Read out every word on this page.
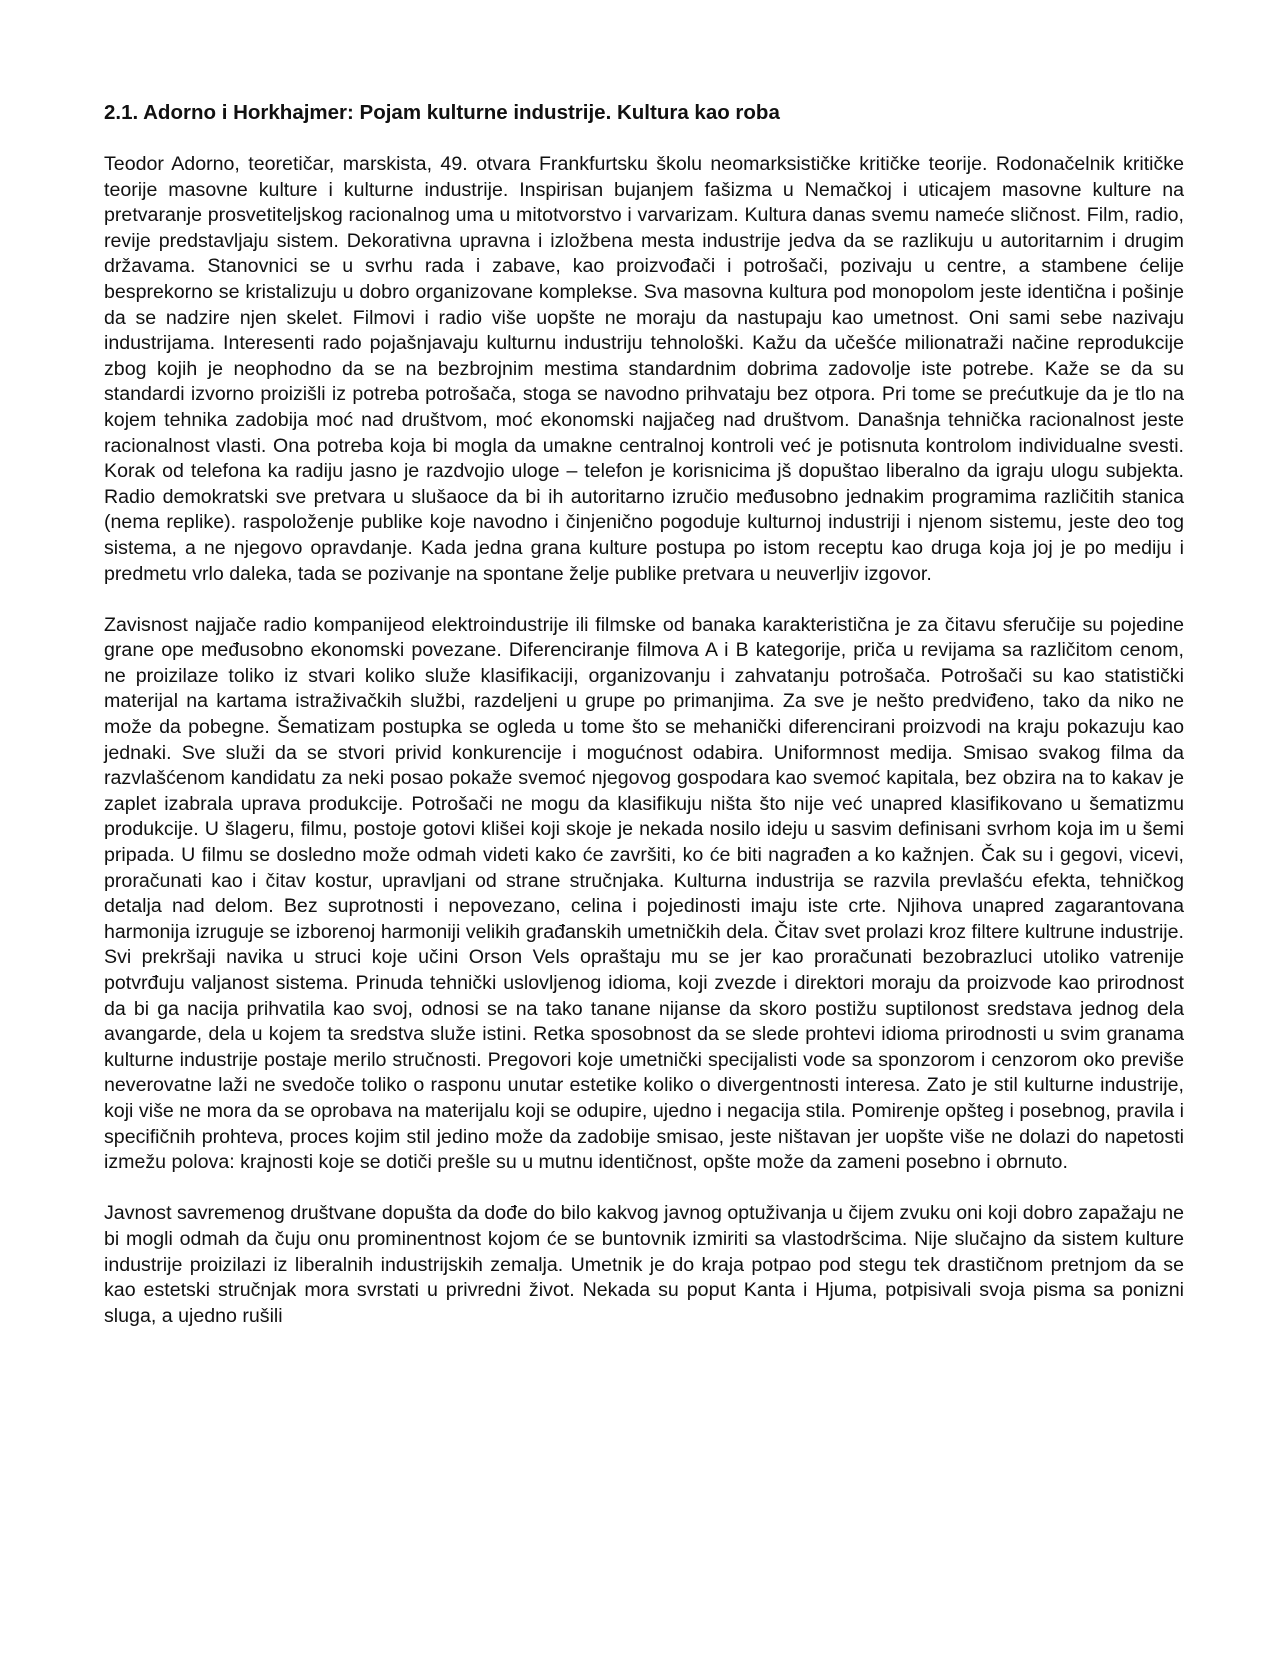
2.1. Adorno i Horkhajmer: Pojam kulturne industrije. Kultura kao roba

Teodor Adorno, teoretičar, marskista, 49. otvara Frankfurtsku školu neomarksističke kritičke teorije. Rodonačelnik kritičke teorije masovne kulture i kulturne industrije. Inspirisan bujanjem fašizma u Nemačkoj i uticajem masovne kulture na pretvaranje prosvetiteljskog racionalnog uma u mitotvorstvo i varvarizam. Kultura danas svemu nameće sličnost. Film, radio, revije predstavljaju sistem. Dekorativna upravna i izložbena mesta industrije jedva da se razlikuju u autoritarnim i drugim državama. Stanovnici se u svrhu rada i zabave, kao proizvođači i potrošači, pozivaju u centre, a stambene ćelije besprekorno se kristalizuju u dobro organizovane komplekse. Sva masovna kultura pod monopolom jeste identična i pošinje da se nadzire njen skelet. Filmovi i radio više uopšte ne moraju da nastupaju kao umetnost. Oni sami sebe nazivaju industrijama. Interesenti rado pojašnjavaju kulturnu industriju tehnološki. Kažu da učešće milionatraži načine reprodukcije zbog kojih je neophodno da se na bezbrojnim mestima standardnim dobrima zadovolje iste potrebe. Kaže se da su standardi izvorno proizišli iz potreba potrošača, stoga se navodno prihvataju bez otpora. Pri tome se prećutkuje da je tlo na kojem tehnika zadobija moć nad društvom, moć ekonomski najjačeg nad društvom. Današnja tehnička racionalnost jeste racionalnost vlasti. Ona potreba koja bi mogla da umakne centralnoj kontroli već je potisnuta kontrolom individualne svesti. Korak od telefona ka radiju jasno je razdvojio uloge – telefon je korisnicima jš dopuštao liberalno da igraju ulogu subjekta. Radio demokratski sve pretvara u slušaoce da bi ih autoritarno izručio međusobno jednakim programima različitih stanica (nema replike). raspoloženje publike koje navodno i činjenično pogoduje kulturnoj industriji i njenom sistemu, jeste deo tog sistema, a ne njegovo opravdanje. Kada jedna grana kulture postupa po istom receptu kao druga koja joj je po mediju i predmetu vrlo daleka, tada se pozivanje na spontane želje publike pretvara u neuverljiv izgovor.

Zavisnost najjače radio kompanijeod elektroindustrije ili filmske od banaka karakteristična je za čitavu sferučije su pojedine grane ope međusobno ekonomski povezane. Diferenciranje filmova A i B kategorije, priča u revijama sa različitom cenom, ne proizilaze toliko iz stvari koliko služe klasifikaciji, organizovanju i zahvatanju potrošača. Potrošači su kao statistički materijal na kartama istraživačkih službi, razdeljeni u grupe po primanjima. Za sve je nešto predviđeno, tako da niko ne može da pobegne. Šematizam postupka se ogleda u tome što se mehanički diferencirani proizvodi na kraju pokazuju kao jednaki. Sve služi da se stvori privid konkurencije i mogućnost odabira. Uniformnost medija. Smisao svakog filma da razvlašćenom kandidatu za neki posao pokaže svemoć njegovog gospodara kao svemoć kapitala, bez obzira na to kakav je zaplet izabrala uprava produkcije. Potrošači ne mogu da klasifikuju ništa što nije već unapred klasifikovano u šematizmu produkcije. U šlageru, filmu, postoje gotovi klišei koji skoje je nekada nosilo ideju u sasvim definisani svrhom koja im u šemi pripada. U filmu se dosledno može odmah videti kako će završiti, ko će biti nagrađen a ko kažnjen. Čak su i gegovi, vicevi, proračunati kao i čitav kostur, upravljani od strane stručnjaka. Kulturna industrija se razvila prevlašću efekta, tehničkog detalja nad delom. Bez suprotnosti i nepovezano, celina i pojedinosti imaju iste crte. Njihova unapred zagarantovana harmonija izruguje se izborenoj harmoniji velikih građanskih umetničkih dela. Čitav svet prolazi kroz filtere kultrune industrije. Svi prekršaji navika u struci koje učini Orson Vels opraštaju mu se jer kao proračunati bezobrazluci utoliko vatrenije potvrđuju valjanost sistema. Prinuda tehnički uslovljenog idioma, koji zvezde i direktori moraju da proizvode kao prirodnost da bi ga nacija prihvatila kao svoj, odnosi se na tako tanane nijanse da skoro postižu suptilonost sredstava jednog dela avangarde, dela u kojem ta sredstva služe istini. Retka sposobnost da se slede prohtevi idioma prirodnosti u svim granama kulturne industrije postaje merilo stručnosti. Pregovori koje umetnički specijalisti vode sa sponzorom i cenzorom oko previše neverovatne laži ne svedoče toliko o rasponu unutar estetike koliko o divergentnosti interesa. Zato je stil kulturne industrije, koji više ne mora da se oprobava na materijalu koji se odupire, ujedno i negacija stila. Pomirenje opšteg i posebnog, pravila i specifičnih prohteva, proces kojim stil jedino može da zadobije smisao, jeste ništavan jer uopšte više ne dolazi do napetosti izmežu polova: krajnosti koje se dotiči prešle su u mutnu identičnost, opšte može da zameni posebno i obrnuto.

Javnost savremenog društvane dopušta da dođe do bilo kakvog javnog optuživanja u čijem zvuku oni koji dobro zapažaju ne bi mogli odmah da čuju onu prominentnost kojom će se buntovnik izmiriti sa vlastodršcima. Nije slučajno da sistem kulture industrije proizilazi iz liberalnih industrijskih zemalja. Umetnik je do kraja potpao pod stegu tek drastičnom pretnjom da se kao estetski stručnjak mora svrstati u privredni život. Nekada su poput Kanta i Hjuma, potpisivali svoja pisma sa ponizni sluga, a ujedno rušili
